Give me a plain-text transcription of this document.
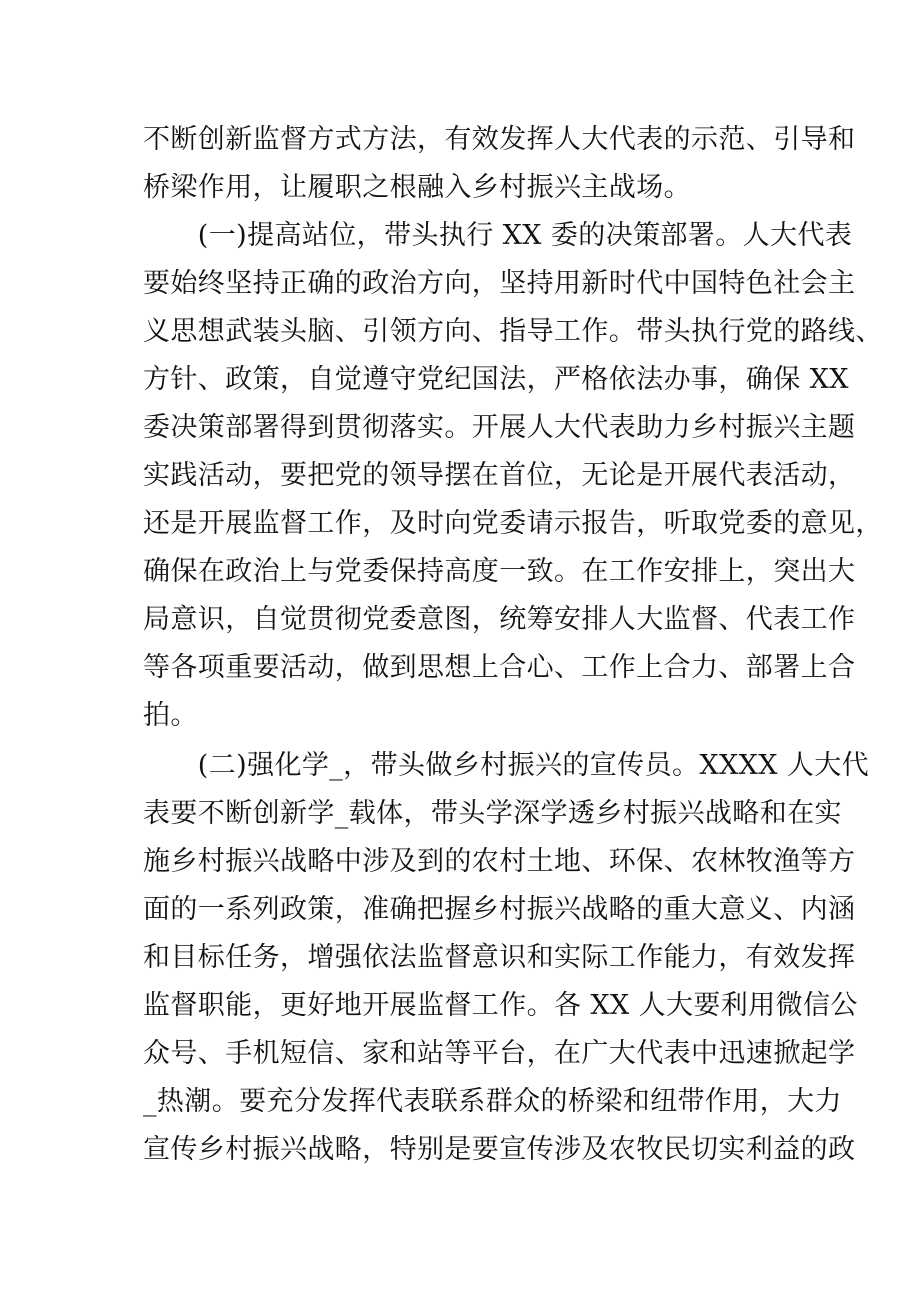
不断创新监督方式方法，有效发挥人大代表的示范、引导和
桥梁作用，让履职之根融入乡村振兴主战场。
　　(一)提高站位，带头执行 XX 委的决策部署。人大代表
要始终坚持正确的政治方向，坚持用新时代中国特色社会主
义思想武装头脑、引领方向、指导工作。带头执行党的路线、
方针、政策，自觉遵守党纪国法，严格依法办事，确保 XX
委决策部署得到贯彻落实。开展人大代表助力乡村振兴主题
实践活动，要把党的领导摆在首位，无论是开展代表活动，
还是开展监督工作，及时向党委请示报告，听取党委的意见，
确保在政治上与党委保持高度一致。在工作安排上，突出大
局意识，自觉贯彻党委意图，统筹安排人大监督、代表工作
等各项重要活动，做到思想上合心、工作上合力、部署上合
拍。
　　(二)强化学_，带头做乡村振兴的宣传员。XXXX 人大代
表要不断创新学_载体，带头学深学透乡村振兴战略和在实
施乡村振兴战略中涉及到的农村土地、环保、农林牧渔等方
面的一系列政策，准确把握乡村振兴战略的重大意义、内涵
和目标任务，增强依法监督意识和实际工作能力，有效发挥
监督职能，更好地开展监督工作。各 XX 人大要利用微信公
众号、手机短信、家和站等平台，在广大代表中迅速掀起学
_热潮。要充分发挥代表联系群众的桥梁和纽带作用，大力
宣传乡村振兴战略，特别是要宣传涉及农牧民切实利益的政
